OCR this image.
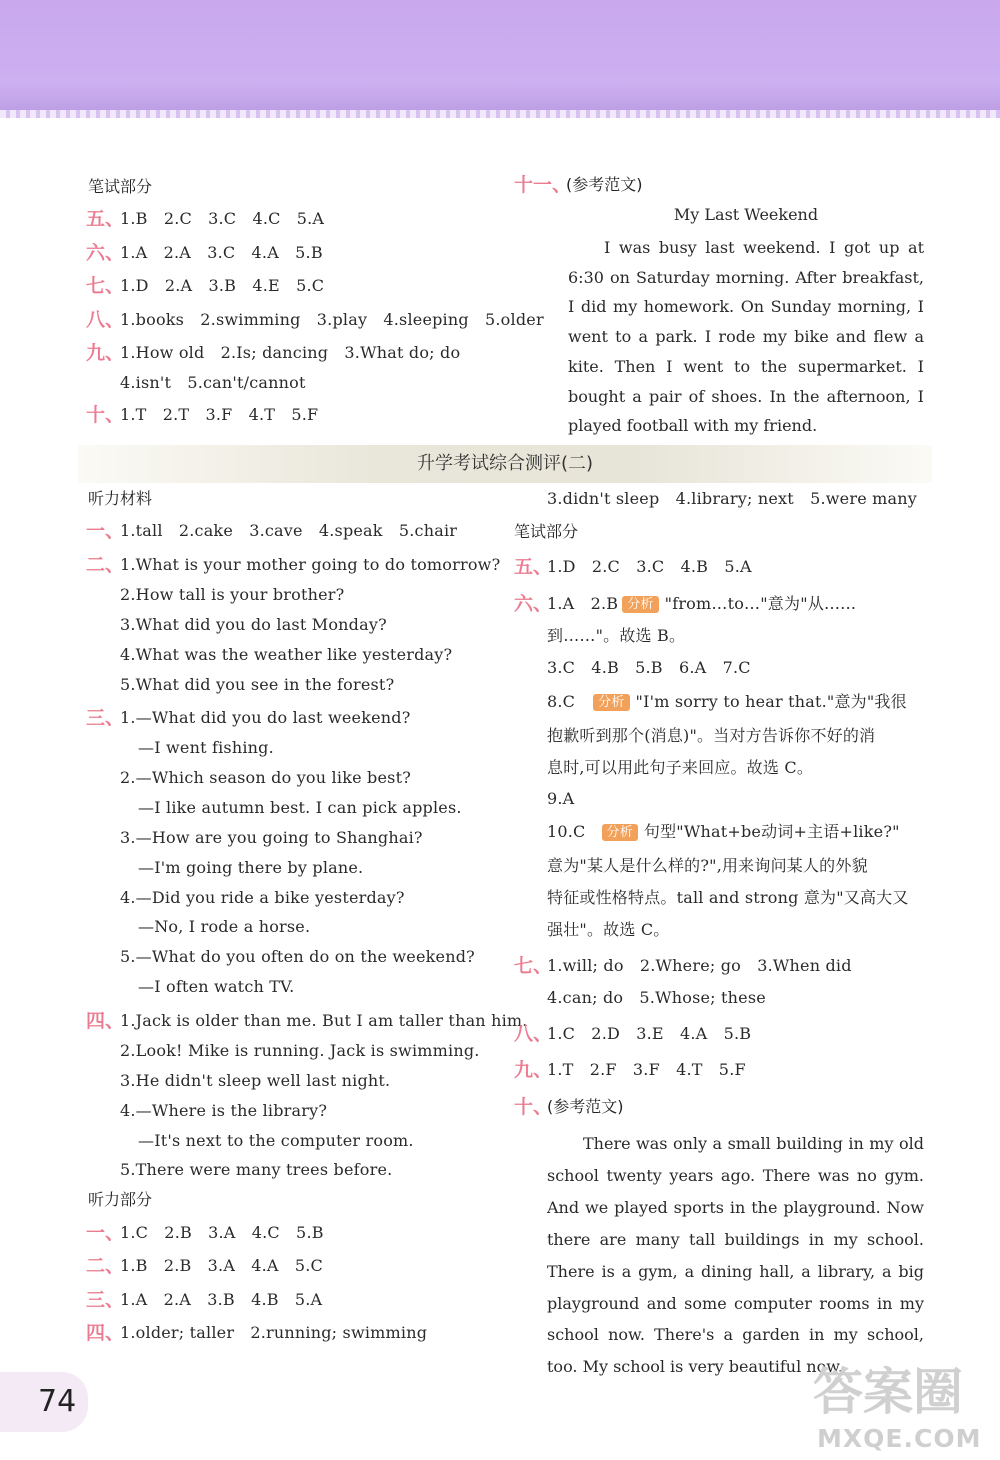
笔试部分
五、
1.B　2.C　3.C　4.C　5.A
六、
1.A　2.A　3.C　4.A　5.B
七、
1.D　2.A　3.B　4.E　5.C
八、
1.books　2.swimming　3.play　4.sleeping　5.older
九、
1.How old　2.Is; dancing　3.What do; do
4.isn't　5.can't/cannot
十、
1.T　2.T　3.F　4.T　5.F
十一、
(参考范文)
My Last Weekend
I was busy last weekend. I got up at 6:30 on Saturday morning. After breakfast, I did my homework. On Sunday morning, I went to a park. I rode my bike and flew a kite. Then I went to the supermarket. I bought a pair of shoes. In the afternoon, I played football with my friend.
升学考试综合测评(二)
听力材料
一、
1.tall　2.cake　3.cave　4.speak　5.chair
二、
1.What is your mother going to do tomorrow?
2.How tall is your brother?
3.What did you do last Monday?
4.What was the weather like yesterday?
5.What did you see in the forest?
三、
1.—What did you do last weekend?
—I went fishing.
2.—Which season do you like best?
—I like autumn best. I can pick apples.
3.—How are you going to Shanghai?
—I'm going there by plane.
4.—Did you ride a bike yesterday?
—No, I rode a horse.
5.—What do you often do on the weekend?
—I often watch TV.
四、
1.Jack is older than me. But I am taller than him.
2.Look! Mike is running. Jack is swimming.
3.He didn't sleep well last night.
4.—Where is the library?
—It's next to the computer room.
5.There were many trees before.
听力部分
一、
1.C　2.B　3.A　4.C　5.B
二、
1.B　2.B　3.A　4.A　5.C
三、
1.A　2.A　3.B　4.B　5.A
四、
1.older; taller　2.running; swimming
3.didn't sleep　4.library; next　5.were many
笔试部分
五、
1.D　2.C　3.C　4.B　5.A
六、
1.A　2.B 分析 "from…to…"意为"从……
到……"。故选 B。
3.C　4.B　5.B　6.A　7.C
8.C 分析 "I'm sorry to hear that."意为"我很
抱歉听到那个(消息)"。当对方告诉你不好的消
息时,可以用此句子来回应。故选 C。
9.A
10.C 分析 句型"What+be动词+主语+like?"
意为"某人是什么样的?",用来询问某人的外貌
特征或性格特点。tall and strong 意为"又高大又
强壮"。故选 C。
七、
1.will; do　2.Where; go　3.When did
4.can; do　5.Whose; these
八、
1.C　2.D　3.E　4.A　5.B
九、
1.T　2.F　3.F　4.T　5.F
十、
(参考范文)
There was only a small building in my old school twenty years ago. There was no gym. And we played sports in the playground. Now there are many tall buildings in my school. There is a gym, a dining hall, a library, a big playground and some computer rooms in my school now. There's a garden in my school, too. My school is very beautiful now.
74	答案圈
MXQE.COM
